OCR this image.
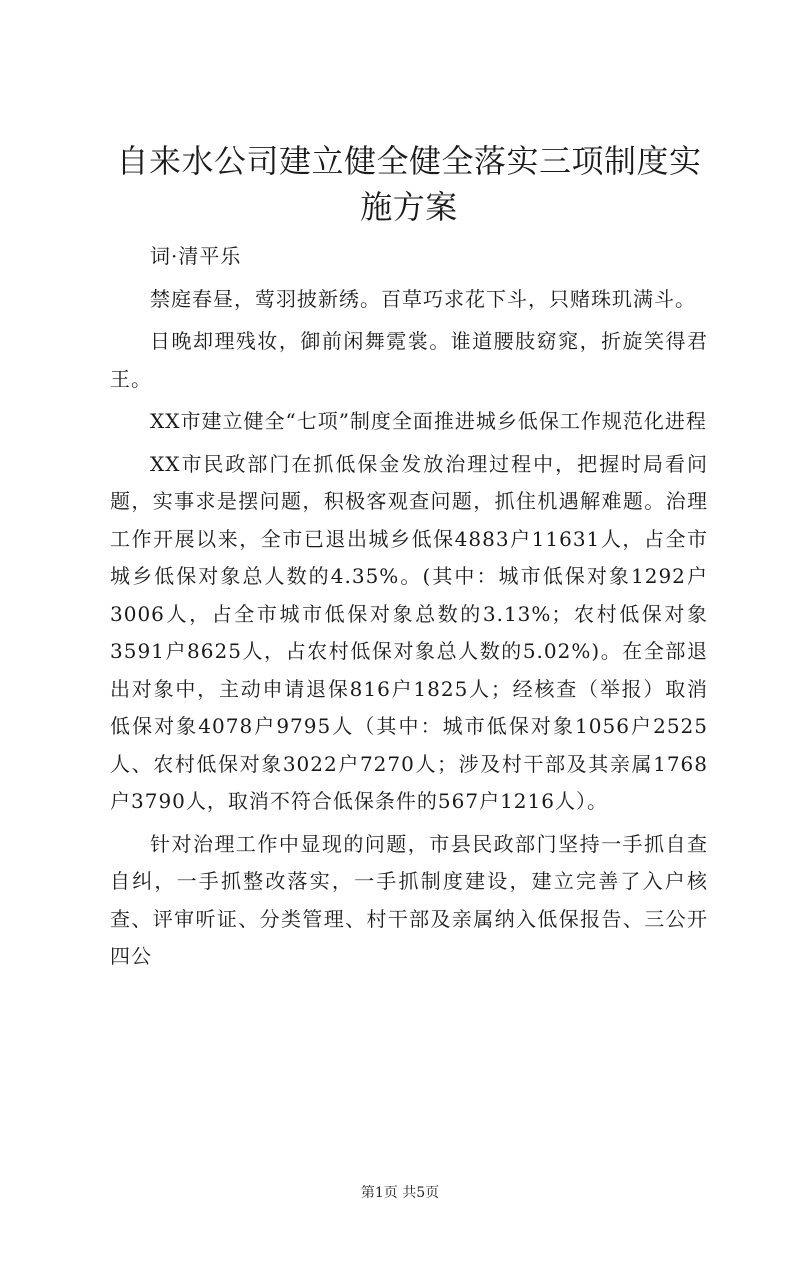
自来水公司建立健全健全落实三项制度实施方案

词·清平乐

禁庭春昼，莺羽披新绣。百草巧求花下斗，只赌珠玑满斗。

日晚却理残妆，御前闲舞霓裳。谁道腰肢窈窕，折旋笑得君王。

XX市建立健全“七项”制度全面推进城乡低保工作规范化进程

XX市民政部门在抓低保金发放治理过程中，把握时局看问题，实事求是摆问题，积极客观查问题，抓住机遇解难题。治理工作开展以来，全市已退出城乡低保4883户11631人，占全市城乡低保对象总人数的4.35%。(其中：城市低保对象1292户3006人，占全市城市低保对象总数的3.13%；农村低保对象3591户8625人，占农村低保对象总人数的5.02%)。在全部退出对象中，主动申请退保816户1825人；经核查（举报）取消低保对象4078户9795人（其中：城市低保对象1056户2525人、农村低保对象3022户7270人；涉及村干部及其亲属1768户3790人，取消不符合低保条件的567户1216人）。

针对治理工作中显现的问题，市县民政部门坚持一手抓自查自纠，一手抓整改落实，一手抓制度建设，建立完善了入户核查、评审听证、分类管理、村干部及亲属纳入低保报告、三公开四公

第1页 共5页
